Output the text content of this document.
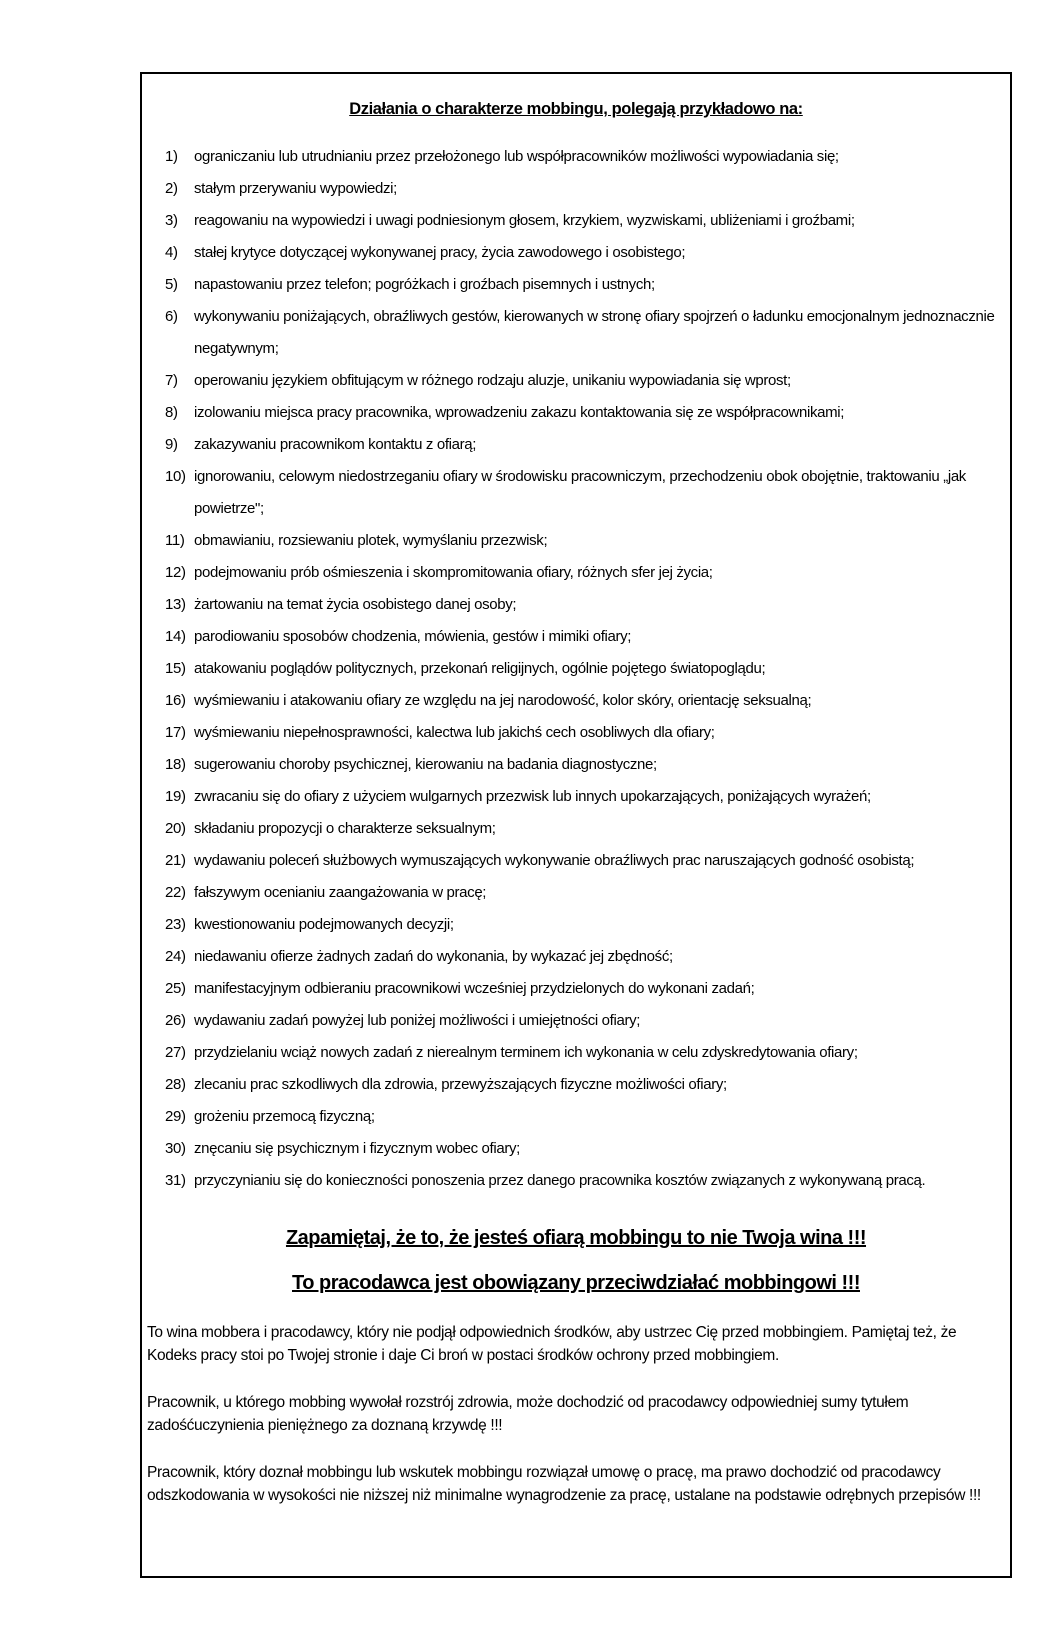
Działania o charakterze mobbingu, polegają przykładowo na:
1)	ograniczaniu lub utrudnianiu przez przełożonego lub współpracowników możliwości wypowiadania się;
2)	stałym przerywaniu wypowiedzi;
3)	reagowaniu na wypowiedzi i uwagi podniesionym głosem, krzykiem, wyzwiskami, ubliżeniami i groźbami;
4)	stałej krytyce dotyczącej wykonywanej pracy, życia zawodowego i osobistego;
5)	napastowaniu przez telefon; pogróżkach i groźbach pisemnych i ustnych;
6)	wykonywaniu poniżających, obraźliwych gestów, kierowanych w stronę ofiary spojrzeń o ładunku emocjonalnym jednoznacznie negatywnym;
7)	operowaniu językiem obfitującym w różnego rodzaju aluzje, unikaniu wypowiadania się wprost;
8)	izolowaniu miejsca pracy pracownika, wprowadzeniu zakazu kontaktowania się ze współpracownikami;
9)	zakazywaniu pracownikom kontaktu z ofiarą;
10) ignorowaniu, celowym niedostrzeganiu ofiary w środowisku pracowniczym, przechodzeniu obok obojętnie, traktowaniu „jak powietrze";
11) obmawianiu, rozsiewaniu plotek, wymyślaniu przezwisk;
12) podejmowaniu prób ośmieszenia i skompromitowania ofiary, różnych sfer jej życia;
13) żartowaniu na temat życia osobistego danej osoby;
14) parodiowaniu sposobów chodzenia, mówienia, gestów i mimiki ofiary;
15) atakowaniu poglądów politycznych, przekonań religijnych, ogólnie pojętego światopoglądu;
16) wyśmiewaniu i atakowaniu ofiary ze względu na jej narodowość, kolor skóry, orientację seksualną;
17) wyśmiewaniu niepełnosprawności, kalectwa lub jakichś cech osobliwych dla ofiary;
18) sugerowaniu choroby psychicznej, kierowaniu na badania diagnostyczne;
19) zwracaniu się do ofiary z użyciem wulgarnych przezwisk lub innych upokarzających, poniżających wyrażeń;
20) składaniu propozycji o charakterze seksualnym;
21) wydawaniu poleceń służbowych wymuszających wykonywanie obraźliwych prac naruszających godność osobistą;
22) fałszywym ocenianiu zaangażowania w pracę;
23) kwestionowaniu podejmowanych decyzji;
24) niedawaniu ofierze żadnych zadań do wykonania, by wykazać jej zbędność;
25) manifestacyjnym odbieraniu pracownikowi wcześniej przydzielonych do wykonani zadań;
26) wydawaniu zadań powyżej lub poniżej możliwości i umiejętności ofiary;
27) przydzielaniu wciąż nowych zadań z nierealnym terminem ich wykonania w celu zdyskredytowania ofiary;
28) zlecaniu prac szkodliwych dla zdrowia, przewyższających fizyczne możliwości ofiary;
29) grożeniu przemocą fizyczną;
30) znęcaniu się psychicznym i fizycznym wobec ofiary;
31) przyczynianiu się do konieczności ponoszenia przez danego pracownika kosztów związanych z wykonywaną pracą.
Zapamiętaj, że to, że jesteś ofiarą mobbingu to nie Twoja wina !!!
To pracodawca jest obowiązany przeciwdziałać mobbingowi !!!

To wina mobbera i pracodawcy, który nie podjął odpowiednich środków, aby ustrzec Cię przed mobbingiem. Pamiętaj też, że Kodeks pracy stoi po Twojej stronie i daje Ci broń w postaci środków ochrony przed mobbingiem.

Pracownik, u którego mobbing wywołał rozstrój zdrowia, może dochodzić od pracodawcy odpowiedniej sumy tytułem zadośćuczynienia pieniężnego za doznaną krzywdę !!!

Pracownik, który doznał mobbingu lub wskutek mobbingu rozwiązał umowę o pracę, ma prawo dochodzić od pracodawcy odszkodowania w wysokości nie niższej niż minimalne wynagrodzenie za pracę, ustalane na podstawie odrębnych przepisów !!!
